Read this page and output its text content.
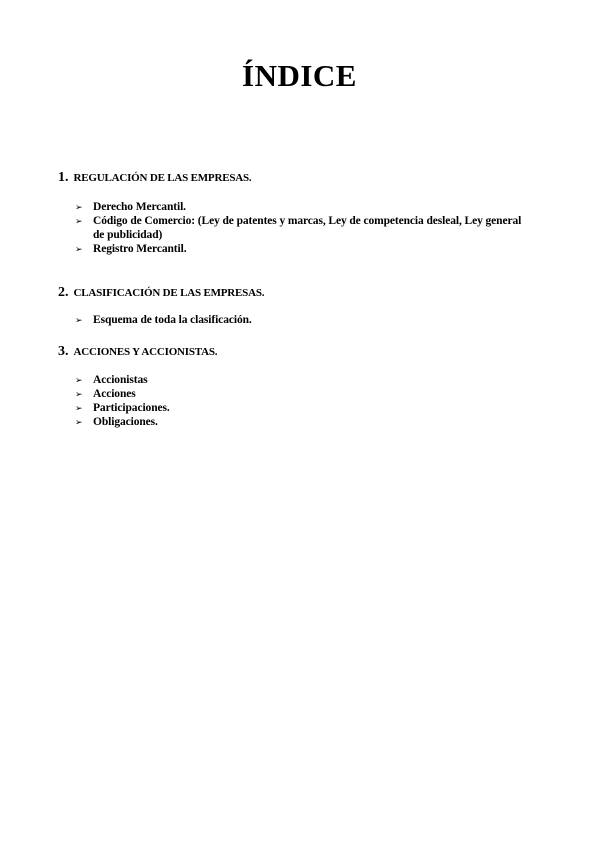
ÍNDICE
1. REGULACIÓN DE LAS EMPRESAS.
➢ Derecho Mercantil.
➢ Código de Comercio: (Ley de patentes y marcas, Ley de competencia desleal, Ley general de publicidad)
➢ Registro Mercantil.
2. CLASIFICACIÓN DE LAS EMPRESAS.
➢ Esquema de toda la clasificación.
3. ACCIONES Y ACCIONISTAS.
➢ Accionistas
➢ Acciones
➢ Participaciones.
➢ Obligaciones.
